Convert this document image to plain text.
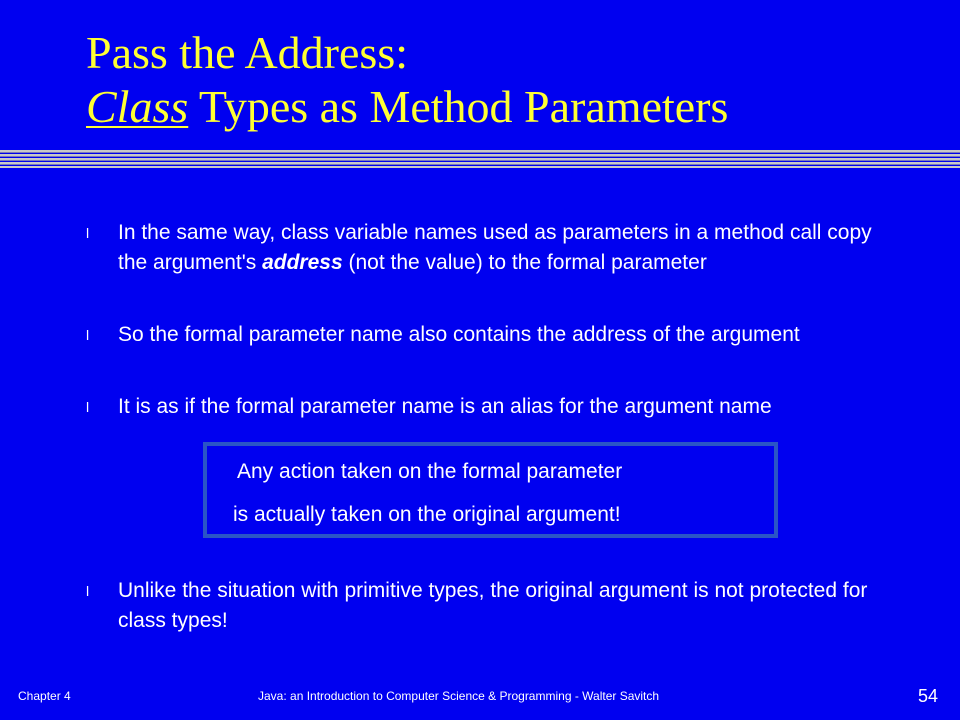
Pass the Address:
Class Types as Method Parameters
l In the same way, class variable names used as parameters in a method call copy the argument's address (not the value) to the formal parameter
l So the formal parameter name also contains the address of the argument
l It is as if the formal parameter name is an alias for the argument name
l Unlike the situation with primitive types, the original argument is not protected for class types!
Any action taken on the formal parameter
is actually taken on the original argument!
Chapter 4	Java: an Introduction to Computer Science & Programming - Walter Savitch	54
